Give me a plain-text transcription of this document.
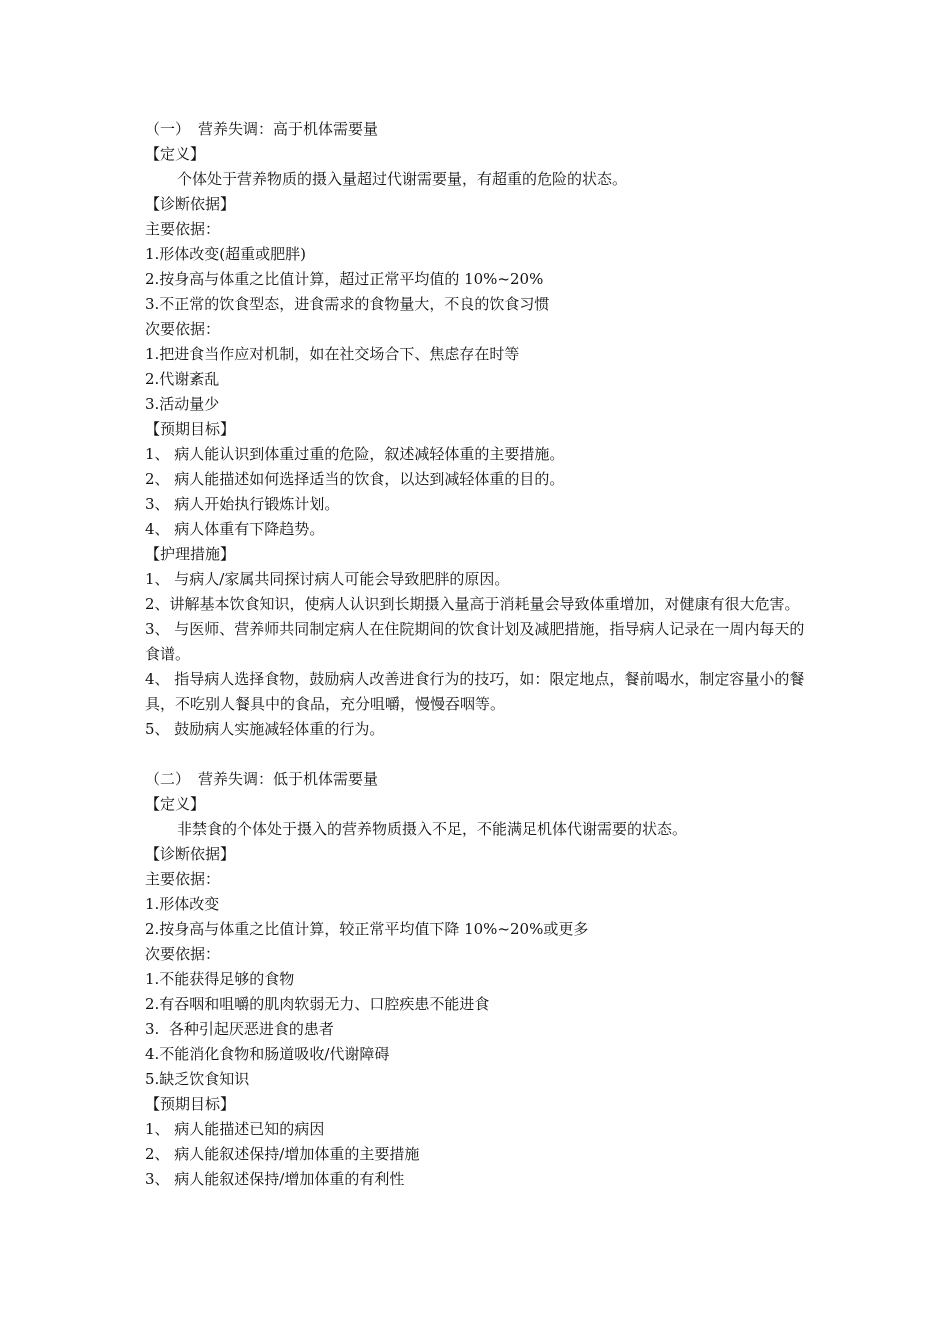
（一） 营养失调：高于机体需要量

【定义】

个体处于营养物质的摄入量超过代谢需要量，有超重的危险的状态。

【诊断依据】

主要依据：

1.形体改变(超重或肥胖)

2.按身高与体重之比值计算，超过正常平均值的 10%~20%

3.不正常的饮食型态，进食需求的食物量大，不良的饮食习惯

次要依据：

1.把进食当作应对机制，如在社交场合下、焦虑存在时等

2.代谢紊乱

3.活动量少

【预期目标】

1、 病人能认识到体重过重的危险，叙述减轻体重的主要措施。

2、 病人能描述如何选择适当的饮食，以达到减轻体重的目的。

3、 病人开始执行锻炼计划。

4、 病人体重有下降趋势。

【护理措施】

1、 与病人/家属共同探讨病人可能会导致肥胖的原因。

2、讲解基本饮食知识，使病人认识到长期摄入量高于消耗量会导致体重增加，对健康有很大危害。

3、 与医师、营养师共同制定病人在住院期间的饮食计划及减肥措施，指导病人记录在一周内每天的食谱。

4、 指导病人选择食物，鼓励病人改善进食行为的技巧，如：限定地点，餐前喝水，制定容量小的餐具，不吃别人餐具中的食品，充分咀嚼，慢慢吞咽等。

5、 鼓励病人实施减轻体重的行为。

（二） 营养失调：低于机体需要量

【定义】

非禁食的个体处于摄入的营养物质摄入不足，不能满足机体代谢需要的状态。

【诊断依据】

主要依据：

1.形体改变

2.按身高与体重之比值计算，较正常平均值下降 10%~20%或更多

次要依据：

1.不能获得足够的食物

2.有吞咽和咀嚼的肌肉软弱无力、口腔疾患不能进食

3.  各种引起厌恶进食的患者

4.不能消化食物和肠道吸收/代谢障碍

5.缺乏饮食知识

【预期目标】

1、 病人能描述已知的病因

2、 病人能叙述保持/增加体重的主要措施

3、 病人能叙述保持/增加体重的有利性
